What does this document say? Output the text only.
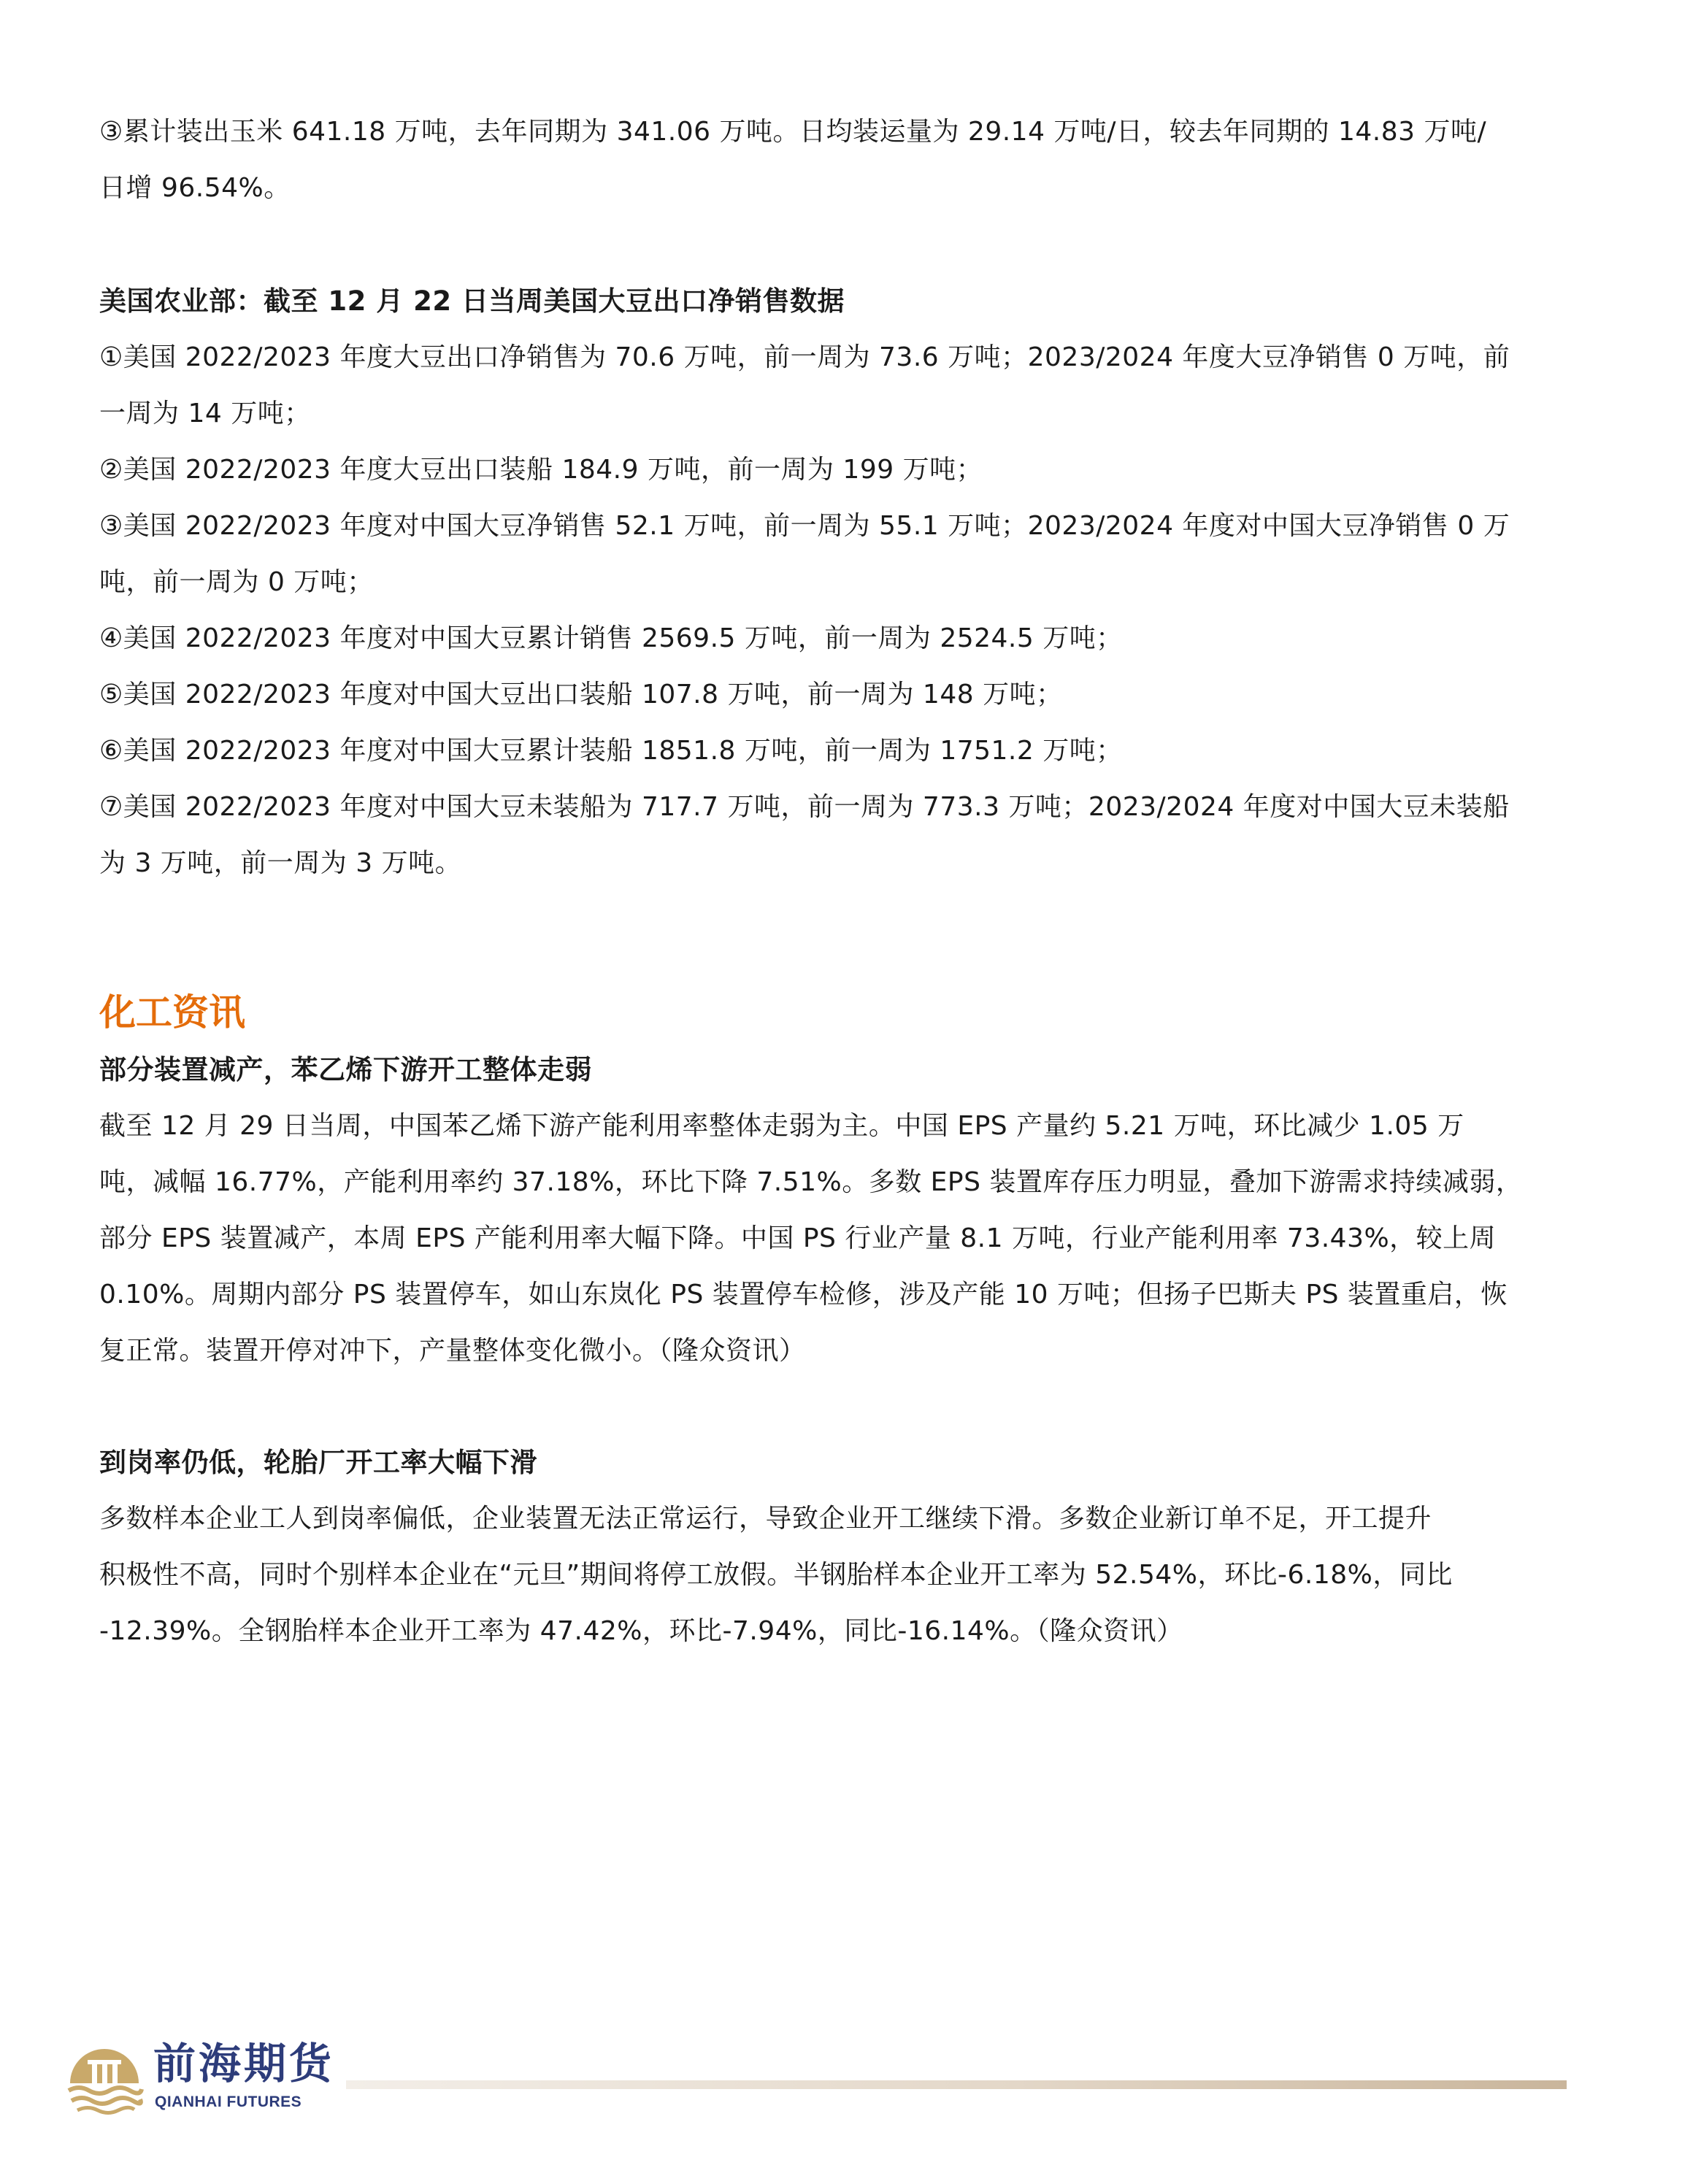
③累计装出玉米 641.18 万吨，去年同期为 341.06 万吨。日均装运量为 29.14 万吨/日，较去年同期的 14.83 万吨/

日增 96.54%。

美国农业部：截至 12 月 22 日当周美国大豆出口净销售数据

①美国 2022/2023 年度大豆出口净销售为 70.6 万吨，前一周为 73.6 万吨；2023/2024 年度大豆净销售 0 万吨，前

一周为 14 万吨；

②美国 2022/2023 年度大豆出口装船 184.9 万吨，前一周为 199 万吨；

③美国 2022/2023 年度对中国大豆净销售 52.1 万吨，前一周为 55.1 万吨；2023/2024 年度对中国大豆净销售 0 万

吨，前一周为 0 万吨；

④美国 2022/2023 年度对中国大豆累计销售 2569.5 万吨，前一周为 2524.5 万吨；

⑤美国 2022/2023 年度对中国大豆出口装船 107.8 万吨，前一周为 148 万吨；

⑥美国 2022/2023 年度对中国大豆累计装船 1851.8 万吨，前一周为 1751.2 万吨；

⑦美国 2022/2023 年度对中国大豆未装船为 717.7 万吨，前一周为 773.3 万吨；2023/2024 年度对中国大豆未装船

为 3 万吨，前一周为 3 万吨。

化工资讯

部分装置减产，苯乙烯下游开工整体走弱

截至 12 月 29 日当周，中国苯乙烯下游产能利用率整体走弱为主。中国 EPS 产量约 5.21 万吨，环比减少 1.05 万

吨，减幅 16.77%，产能利用率约 37.18%，环比下降 7.51%。多数 EPS 装置库存压力明显，叠加下游需求持续减弱，

部分 EPS 装置减产，本周 EPS 产能利用率大幅下降。中国 PS 行业产量 8.1 万吨，行业产能利用率 73.43%，较上周

0.10%。周期内部分 PS 装置停车，如山东岚化 PS 装置停车检修，涉及产能 10 万吨；但扬子巴斯夫 PS 装置重启，恢

复正常。装置开停对冲下，产量整体变化微小。（隆众资讯）

到岗率仍低，轮胎厂开工率大幅下滑

多数样本企业工人到岗率偏低，企业装置无法正常运行，导致企业开工继续下滑。多数企业新订单不足，开工提升

积极性不高，同时个别样本企业在“元旦”期间将停工放假。半钢胎样本企业开工率为 52.54%，环比-6.18%，同比

-12.39%。全钢胎样本企业开工率为 47.42%，环比-7.94%，同比-16.14%。（隆众资讯）

前海期货
QIANHAI FUTURES
